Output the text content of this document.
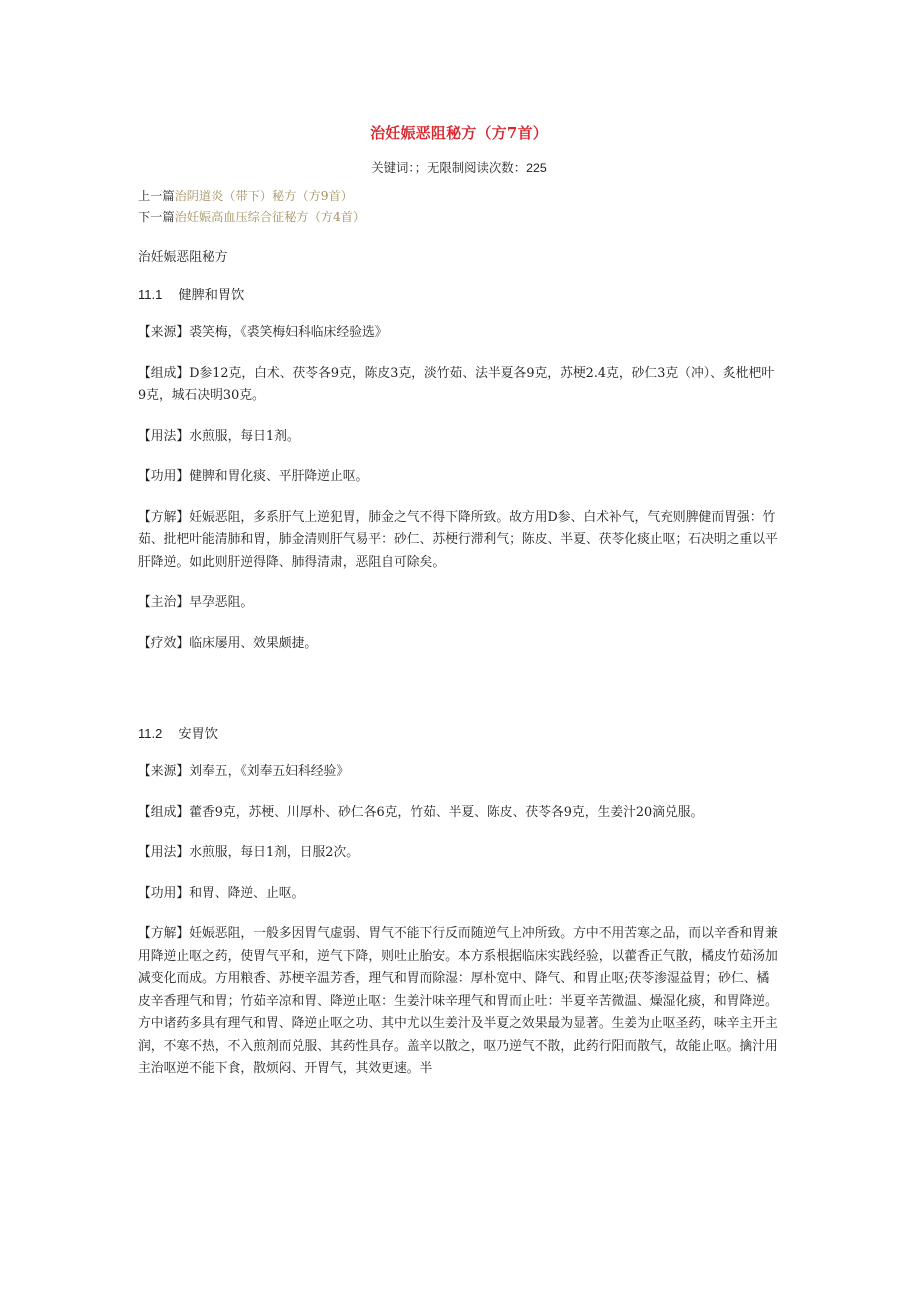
治妊娠恶阻秘方（方7首）
关键词：；无限制阅读次数：225
上一篇 治阴道炎（带下）秘方（方9首）
下一篇 治妊娠高血压综合征秘方（方4首）

治妊娠恶阻秘方

11.1 健脾和胃饮

【来源】裘笑梅，《裘笑梅妇科临床经验选》

【组成】D参12克，白术、茯苓各9克，陈皮3克，淡竹茹、法半夏各9克，苏梗2.4克，砂仁3克（冲）、炙枇杷叶9克，城石决明30克。

【用法】水煎服，每日1剂。

【功用】健脾和胃化痰、平肝降逆止呕。

【方解】妊娠恶阻，多系肝气上逆犯胃，肺金之气不得下降所致。故方用D参、白术补气，气充则脾健而胃强：竹茹、批杷叶能清肺和胃，肺金清则肝气易平：砂仁、苏梗行滞利气；陈皮、半夏、茯苓化痰止呕；石决明之重以平肝降逆。如此则肝逆得降、肺得清肃，恶阻自可除矣。

【主治】早孕恶阻。

【疗效】临床屡用、效果颇捷。

11.2 安胃饮

【来源】刘奉五，《刘奉五妇科经验》

【组成】藿香9克，苏梗、川厚朴、砂仁各6克，竹茹、半夏、陈皮、茯苓各9克，生姜汁20滴兑服。

【用法】水煎服，每日1剂，日服2次。

【功用】和胃、降逆、止呕。

【方解】妊娠恶阻，一般多因胃气虚弱、胃气不能下行反而随逆气上冲所致。方中不用苦寒之品，而以辛香和胃兼用降逆止呕之药，使胃气平和，逆气下降，则吐止胎安。本方系根据临床实践经验，以藿香正气散，橘皮竹茹汤加减变化而成。方用粮香、苏梗辛温芳香，理气和胃而除湿：厚朴宽中、降气、和胃止呕;茯苓渗湿益胃；砂仁、橘皮辛香理气和胃；竹茹辛凉和胃、降逆止呕：生姜汁味辛理气和胃而止吐：半夏辛苦微温、燥湿化痰，和胃降逆。方中诸药多具有理气和胃、降逆止呕之功、其中尤以生姜汁及半夏之效果最为显著。生姜为止呕圣药，味辛主开主润，不寒不热，不入煎剂而兑服、其药性具存。盖辛以散之，呕乃逆气不散，此药行阳而散气，故能止呕。擒汁用主治呕逆不能下食，散烦闷、开胃气，其效更速。半
